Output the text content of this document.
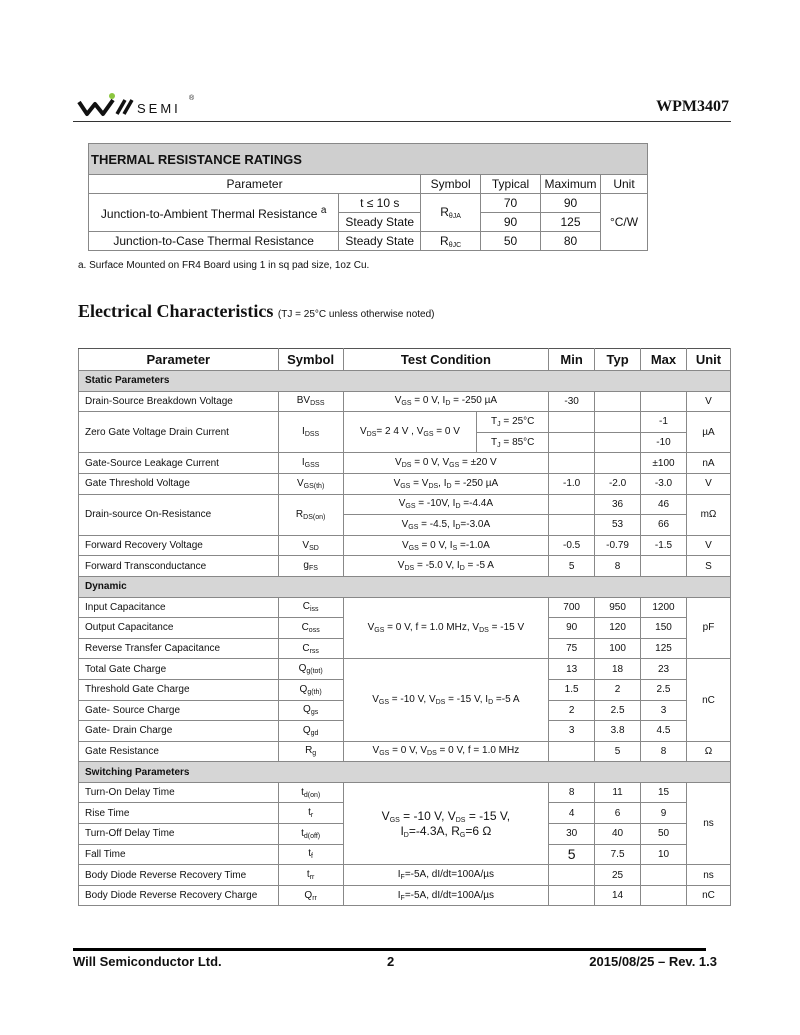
SEMI
®	WPM3407
THERMAL RESISTANCE RATINGS					
Parameter		Symbol	Typical	Maximum	Unit
Junction-to-Ambient Thermal Resistance $^a$	t ≤ 10 s	$R_{\theta JA}$	70	90	°C/W
	Steady State		90	125	
Junction-to-Case Thermal Resistance	Steady State	$R_{\theta JC}$	50	80	
a. Surface Mounted on FR4 Board using 1 in sq pad size, 1oz Cu.
Electrical Characteristics (TJ = 25°C unless otherwise noted)
Parameter	Symbol	Test Condition		Min	Typ	Max	Unit
Static Parameters							
Drain-Source Breakdown Voltage	$BV_{DSS}$	$V_{GS} = 0$ V, $I_D = -250$ µA		-30			V
Zero Gate Voltage Drain Current	$I_{DSS}$	$V_{DS}= 2$ 4 V , $V_{GS} = 0$ V	$T_J = 25^\circ C$			-1	µA
			$T_J = 85^\circ C$			-10	
Gate-Source Leakage Current	$I_{GSS}$	$V_{DS} = 0$ V, $V_{GS} = \pm 20$ V				±100	nA
Gate Threshold Voltage	$V_{GS(th)}$	$V_{GS} = V_{DS}$, $I_D = -250$ µA		-1.0	-2.0	-3.0	V
Drain-source On-Resistance	$R_{DS(on)}$	$V_{GS} = -10V$, $I_D =-4.4A$			36	46	mΩ
		$V_{GS} = -4.5$, $I_D=-3.0A$			53	66	
Forward Recovery Voltage	$V_{SD}$	$V_{GS} = 0$ V, $I_S =-1.0A$		-0.5	-0.79	-1.5	V
Forward Transconductance	$g_{FS}$	$V_{DS} = -5.0$ V, $I_D = -5$ A		5	8		S
Dynamic							
Input Capacitance	$C_{iss}$	$V_{GS} = 0$ V, f = 1.0 MHz, $V_{DS} = -15$ V		700	950	1200	pF
Output Capacitance	$C_{oss}$			90	120	150	
Reverse Transfer Capacitance	$C_{rss}$			75	100	125	
Total Gate Charge	$Q_{g(tot)}$	$V_{GS} = -10$ V, $V_{DS} = -15$ V, $I_D =-5$ A		13	18	23	nC
Threshold Gate Charge	$Q_{g(th)}$			1.5	2	2.5	
Gate- Source Charge	$Q_{gs}$			2	2.5	3	
Gate- Drain Charge	$Q_{gd}$			3	3.8	4.5	
Gate Resistance	$R_g$	$V_{GS} = 0$ V, $V_{DS} = 0$ V, f = 1.0 MHz			5	8	Ω
Switching Parameters							
Turn-On Delay Time	$t_{d(on)}$	$V_{GS} = -10$ V, $V_{DS} = -15$ V,
$I_D=-4.3A$, $R_G=6$ Ω		8	11	15	ns
Rise Time	$t_r$			4	6	9	
Turn-Off Delay Time	$t_{d(off)}$			30	40	50	
Fall Time	$t_f$			5	7.5	10	
Body Diode Reverse Recovery Time	$t_{rr}$	$I_F=-5A$, dI/dt=100A/µs			25		ns
Body Diode Reverse Recovery Charge	$Q_{rr}$	$I_F=-5A$, dI/dt=100A/µs			14		nC
Will Semiconductor Ltd.	2	2015/08/25 – Rev. 1.3
